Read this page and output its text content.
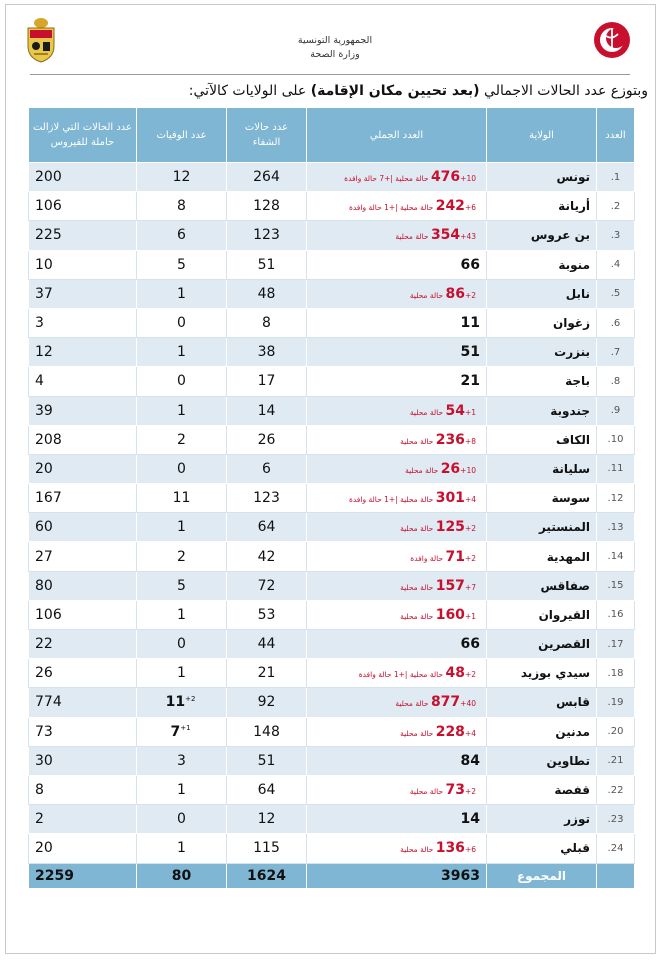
الجمهورية التونسية
وزارة الصحة
وبتوزع عدد الحالات الاجمالي (بعد تحيين مكان الإقامة) على الولايات كالآتي:
العدد	الولاية	العدد الجملي	عدد حالات الشفاء	عدد الوفيات	عدد الحالات التي لازالت حاملة للفيروس
1.	تونس	476+10 حالة محلية |+7 حالة وافدة	264	12	200
2.	أريانة	242+6 حالة محلية |+1 حالة وافدة	128	8	106
3.	بن عروس	354+43 حالة محلية	123	6	225
4.	منوبة	66	51	5	10
5.	نابل	86+2 حالة محلية	48	1	37
6.	زغوان	11	8	0	3
7.	بنزرت	51	38	1	12
8.	باجة	21	17	0	4
9.	جندوبة	54+1 حالة محلية	14	1	39
10.	الكاف	236+8 حالة محلية	26	2	208
11.	سليانة	26+10 حالة محلية	6	0	20
12.	سوسة	301+4 حالة محلية |+1 حالة وافدة	123	11	167
13.	المنستير	125+2 حالة محلية	64	1	60
14.	المهدية	71+2 حالة وافدة	42	2	27
15.	صفاقس	157+7 حالة محلية	72	5	80
16.	القيروان	160+1 حالة محلية	53	1	106
17.	القصرين	66	44	0	22
18.	سيدي بوزيد	48+2 حالة محلية |+1 حالة وافدة	21	1	26
19.	قابس	877+40 حالة محلية	92	$11^{+2}$	774
20.	مدنين	228+4 حالة محلية	148	$7^{+1}$	73
21.	تطاوين	84	51	3	30
22.	قفصة	73+2 حالة محلية	64	1	8
23.	توزر	14	12	0	2
24.	قبلي	136+6 حالة محلية	115	1	20
	المجموع	3963	1624	80	2259
